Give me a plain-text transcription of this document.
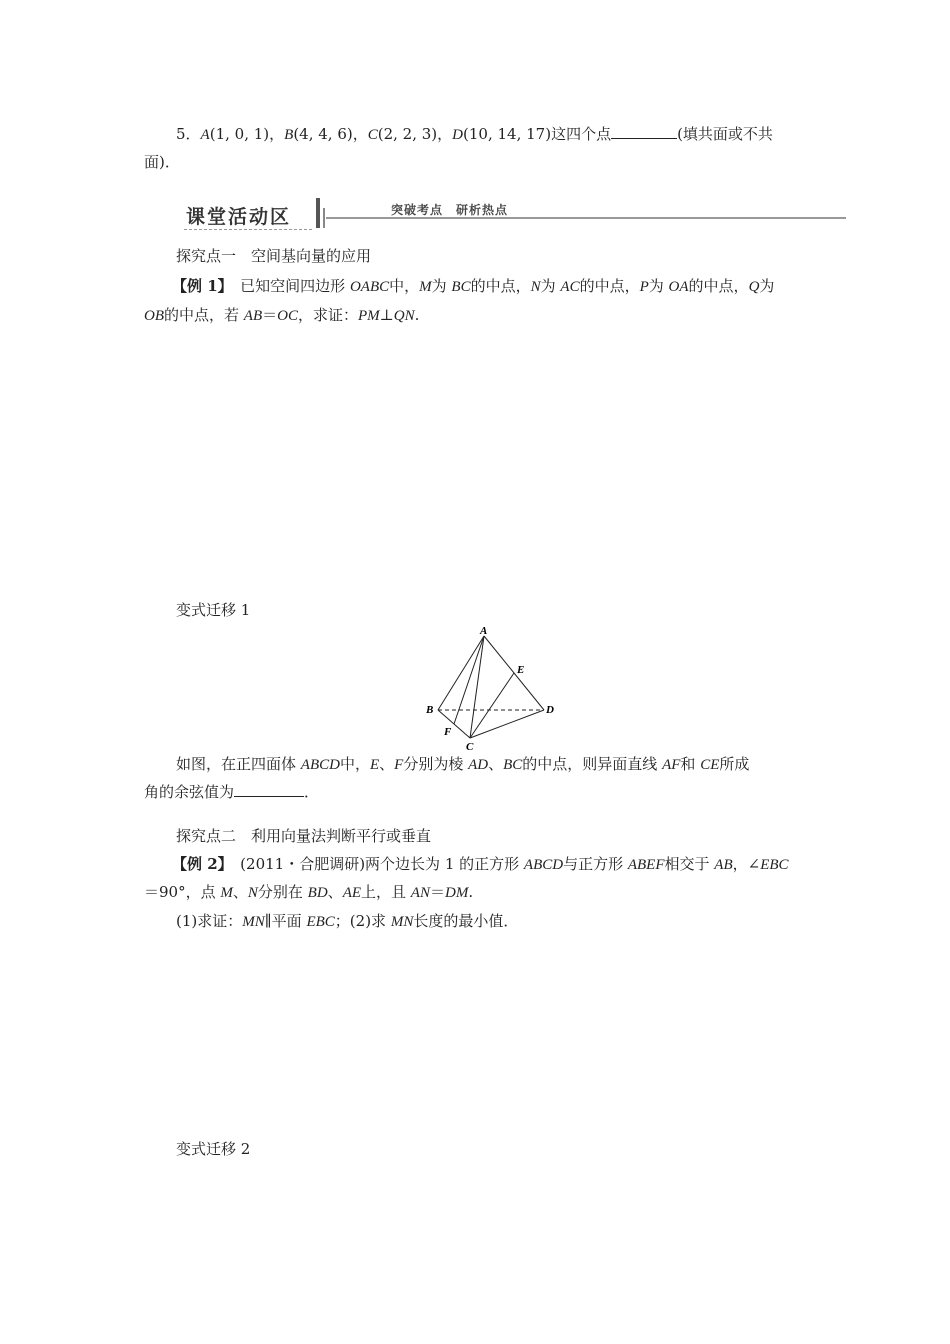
5．A(1, 0, 1)，B(4, 4, 6)，C(2, 2, 3)，D(10, 14, 17)这四个点	(填共面或不共
面)．
课堂活动区	突破考点　研析热点
探究点一　空间基向量的应用
【例 1】　已知空间四边形 OABC中，M为 BC的中点，N为 AC的中点，P为 OA的中点，Q为
OB的中点，若 AB＝OC，求证：PM⊥QN.
变式迁移 1
A
B
C
D
E
F
如图，在正四面体 ABCD中，E、F分别为棱 AD、BC的中点，则异面直线 AF和 CE所成
角的余弦值为	．
探究点二　利用向量法判断平行或垂直
【例 2】　(2011・合肥调研)两个边长为 1 的正方形 ABCD与正方形 ABEF相交于 AB，∠EBC
＝90°，点 M、N分别在 BD、AE上，且 AN＝DM.
(1)求证：MN∥平面 EBC；(2)求 MN长度的最小值．
变式迁移 2
